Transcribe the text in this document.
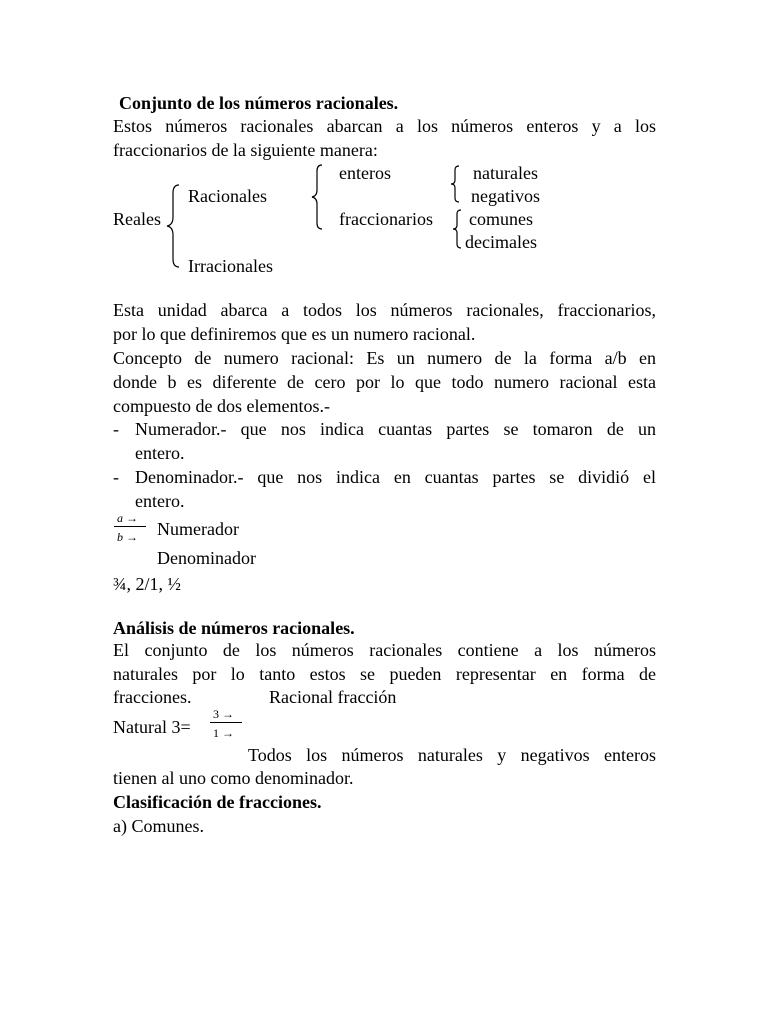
Conjunto de los números racionales.
Estos números racionales abarcan a los números enteros y a los
fraccionarios de la siguiente manera:
Reales
Racionales
Irracionales
enteros
fraccionarios
naturales
negativos
comunes
decimales
Esta unidad abarca a todos los números racionales, fraccionarios,
por lo que definiremos que es un numero racional.
Concepto de numero racional: Es un numero de la forma a/b en
donde b es diferente de cero por lo que todo numero racional esta
compuesto de dos elementos.-
- Numerador.- que nos indica cuantas partes se tomaron de un
entero.
- Denominador.- que nos indica en cuantas partes se dividió el
entero.
a →
b → Numerador
Denominador
¾, 2/1, ½
Análisis de números racionales.
El conjunto de los números racionales contiene a los números
naturales por lo tanto estos se pueden representar en forma de
fracciones.	Racional fracción
Natural 3=
3 →
1 →
Todos los números naturales y negativos enteros
tienen al uno como denominador.
Clasificación de fracciones.
a) Comunes.
